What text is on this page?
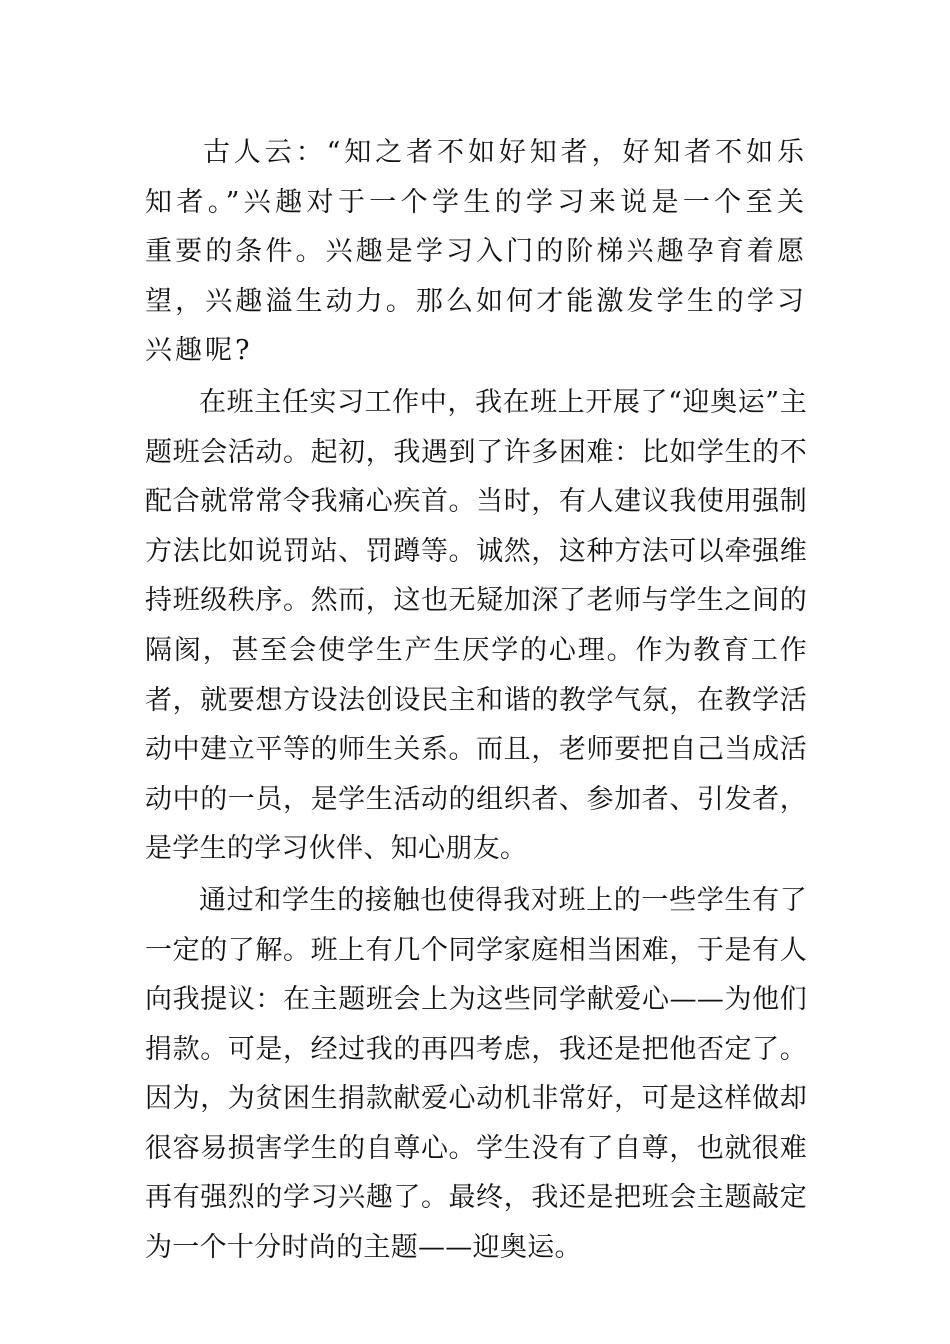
古人云：“知之者不如好知者，好知者不如乐知者。”兴趣对于一个学生的学习来说是一个至关重要的条件。兴趣是学习入门的阶梯兴趣孕育着愿望，兴趣溢生动力。那么如何才能激发学生的学习兴趣呢?

在班主任实习工作中，我在班上开展了“迎奥运”主题班会活动。起初，我遇到了许多困难：比如学生的不配合就常常令我痛心疾首。当时，有人建议我使用强制方法比如说罚站、罚蹲等。诚然，这种方法可以牵强维持班级秩序。然而，这也无疑加深了老师与学生之间的隔阂，甚至会使学生产生厌学的心理。作为教育工作者，就要想方设法创设民主和谐的教学气氛，在教学活动中建立平等的师生关系。而且，老师要把自己当成活动中的一员，是学生活动的组织者、参加者、引发者，是学生的学习伙伴、知心朋友。

通过和学生的接触也使得我对班上的一些学生有了一定的了解。班上有几个同学家庭相当困难，于是有人向我提议：在主题班会上为这些同学献爱心——为他们捐款。可是，经过我的再四考虑，我还是把他否定了。因为，为贫困生捐款献爱心动机非常好，可是这样做却很容易损害学生的自尊心。学生没有了自尊，也就很难再有强烈的学习兴趣了。最终，我还是把班会主题敲定为一个十分时尚的主题——迎奥运。
